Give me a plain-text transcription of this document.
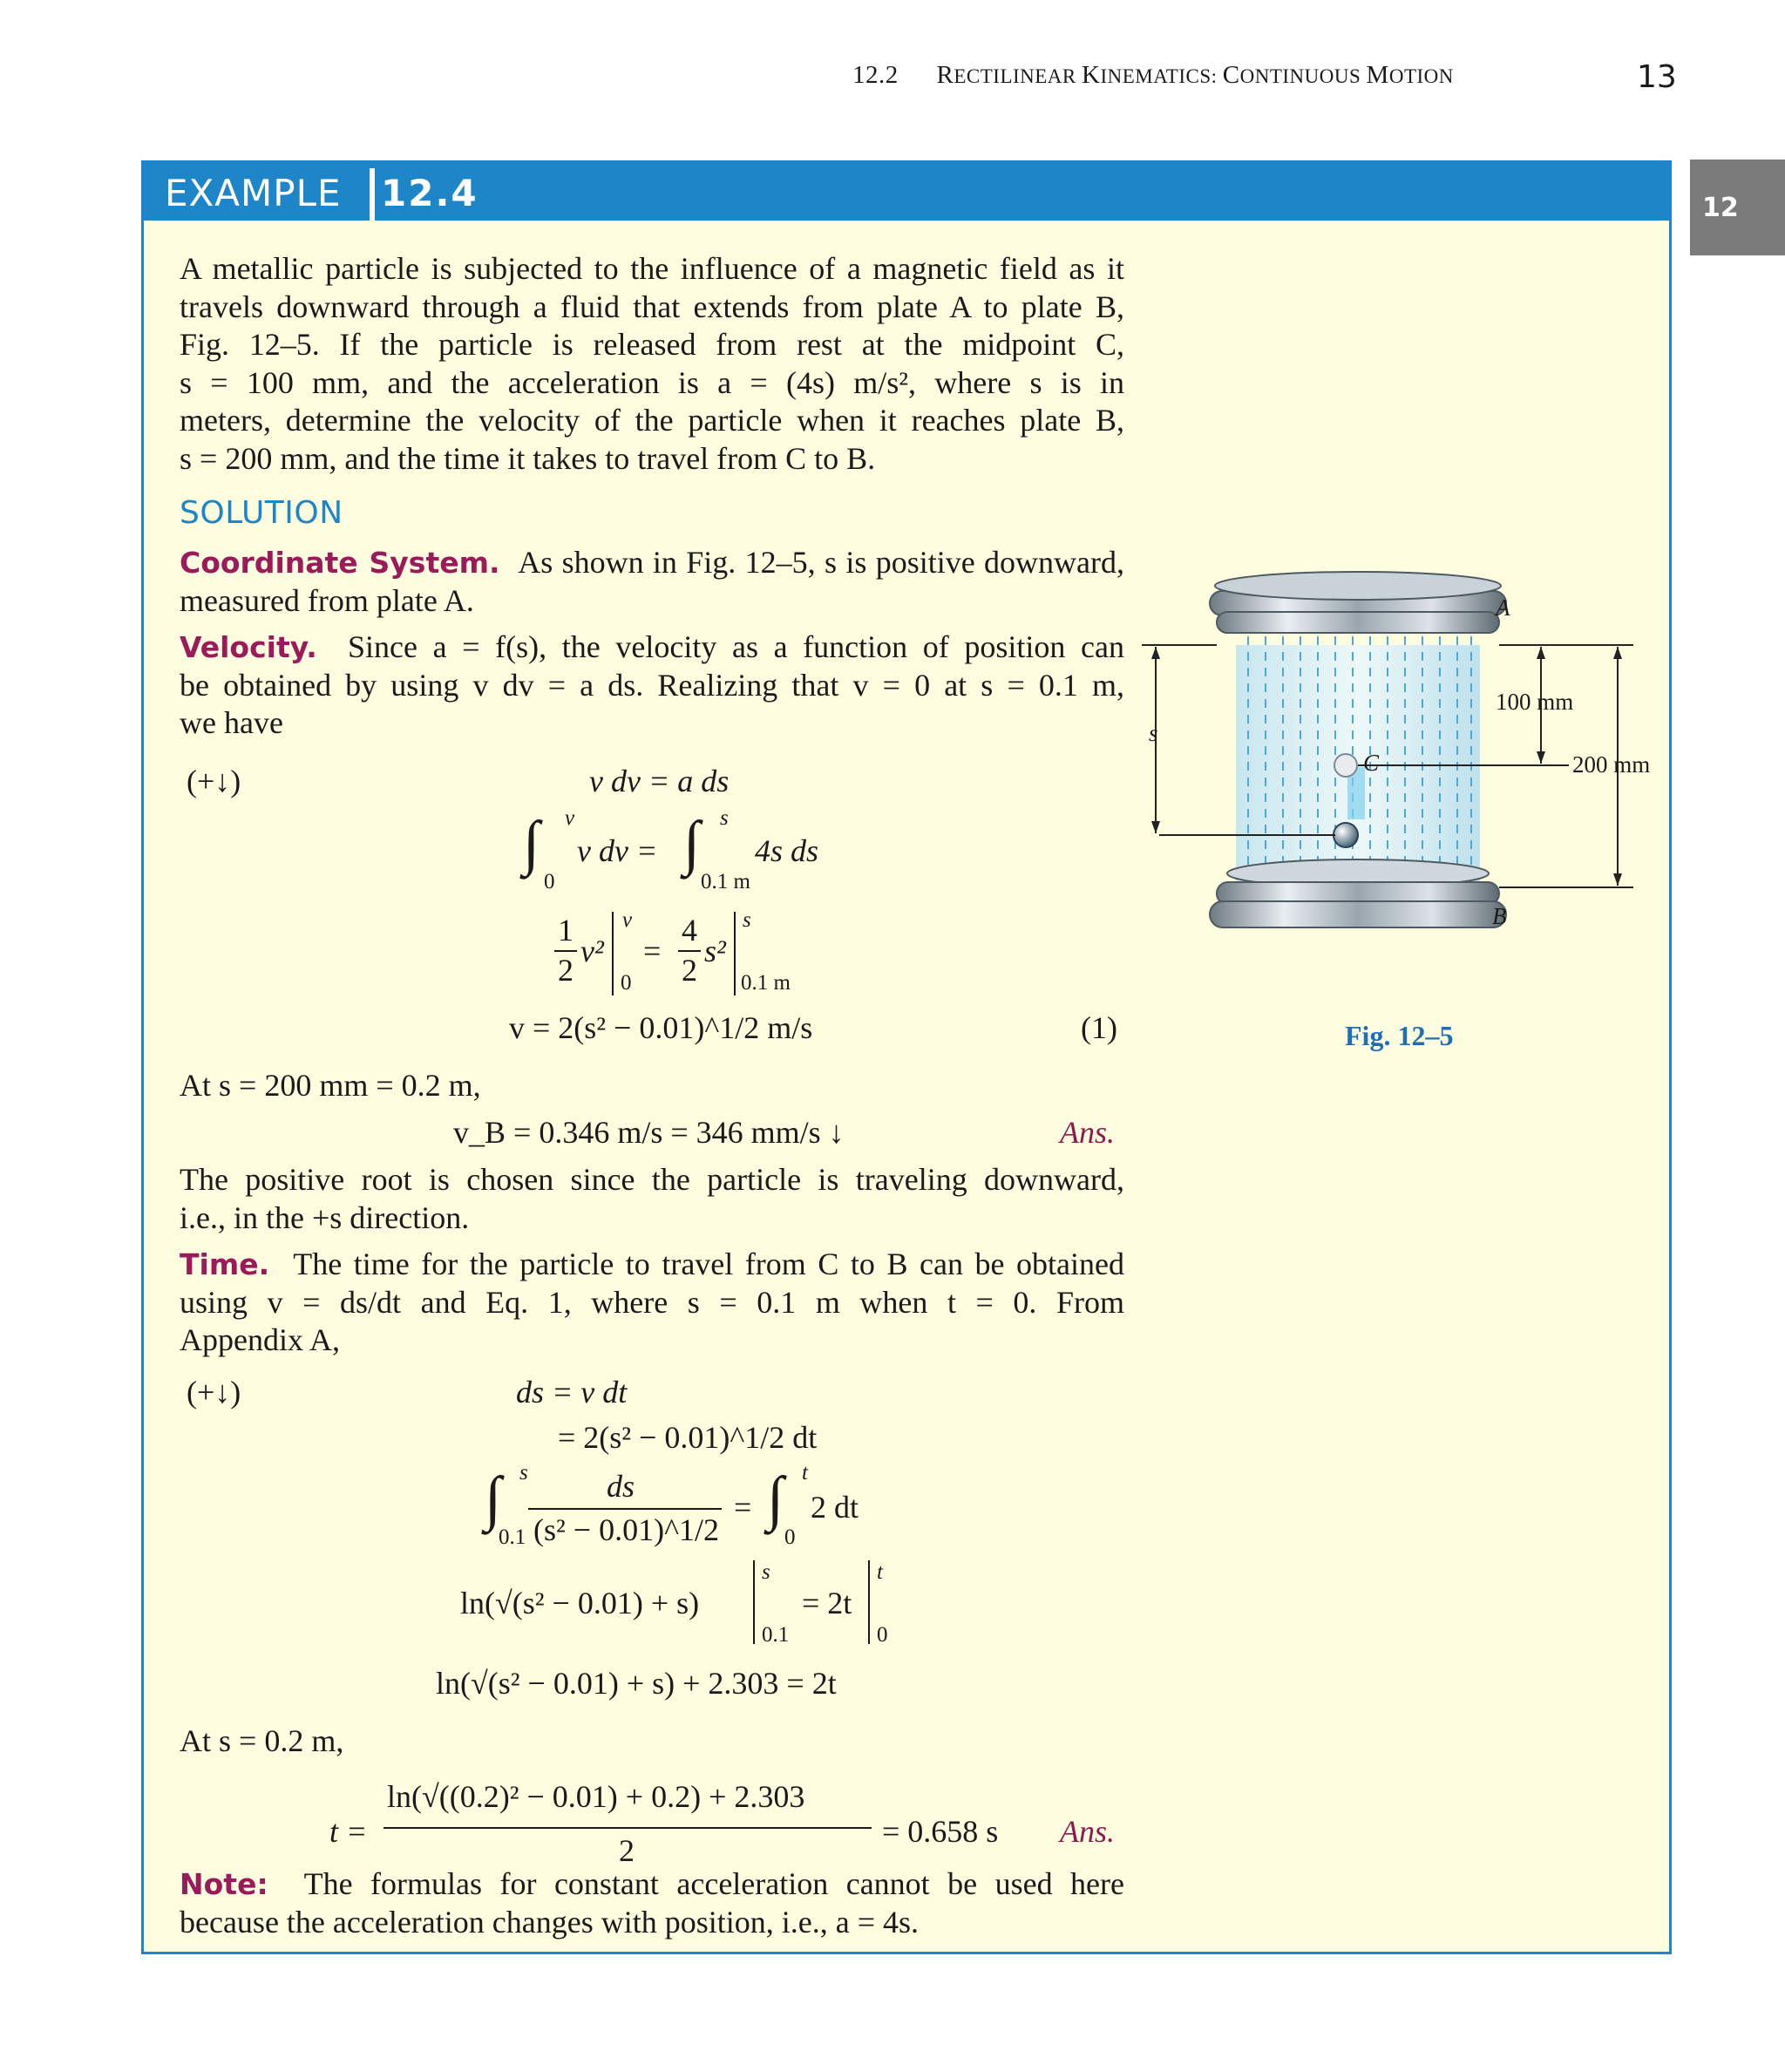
12.2 RECTILINEAR KINEMATICS: CONTINUOUS MOTION	13
12
EXAMPLE 12.4
A metallic particle is subjected to the influence of a magnetic field as it
travels downward through a fluid that extends from plate A to plate B,
Fig. 12–5. If the particle is released from rest at the midpoint C,
s = 100 mm, and the acceleration is a = (4s) m/s², where s is in
meters, determine the velocity of the particle when it reaches plate B,
s = 200 mm, and the time it takes to travel from C to B.
SOLUTION
Coordinate System. As shown in Fig. 12–5, s is positive downward,
measured from plate A.
Velocity. Since a = f(s), the velocity as a function of position can
be obtained by using v dv = a ds. Realizing that v = 0 at s = 0.1 m,
we have
(+↓)	v dv = a ds
∫ v
0
v dv = ∫ s
0.1 m
4s ds
1
2
v²
v
0
=
4
2
s²
s
0.1 m
v = 2(s² − 0.01)^1/2 m/s	(1)
At s = 200 mm = 0.2 m,
v_B = 0.346 m/s = 346 mm/s ↓	Ans.
The positive root is chosen since the particle is traveling downward,
i.e., in the +s direction.
Time. The time for the particle to travel from C to B can be obtained
using v = ds/dt and Eq. 1, where s = 0.1 m when t = 0. From
Appendix A,
(+↓)	ds = v dt
= 2(s² − 0.01)^1/2 dt
∫ s
0.1
ds
(s² − 0.01)^1/2
= ∫ t
0
2 dt
ln(√(s² − 0.01) + s)
s
0.1
= 2t
t
0
ln(√(s² − 0.01) + s) + 2.303 = 2t
At s = 0.2 m,
t =
ln(√((0.2)² − 0.01) + 0.2) + 2.303
2
= 0.658 s Ans.
Note: The formulas for constant acceleration cannot be used here
because the acceleration changes with position, i.e., a = 4s.
A
B
C
s
100 mm
200 mm
Fig. 12–5
